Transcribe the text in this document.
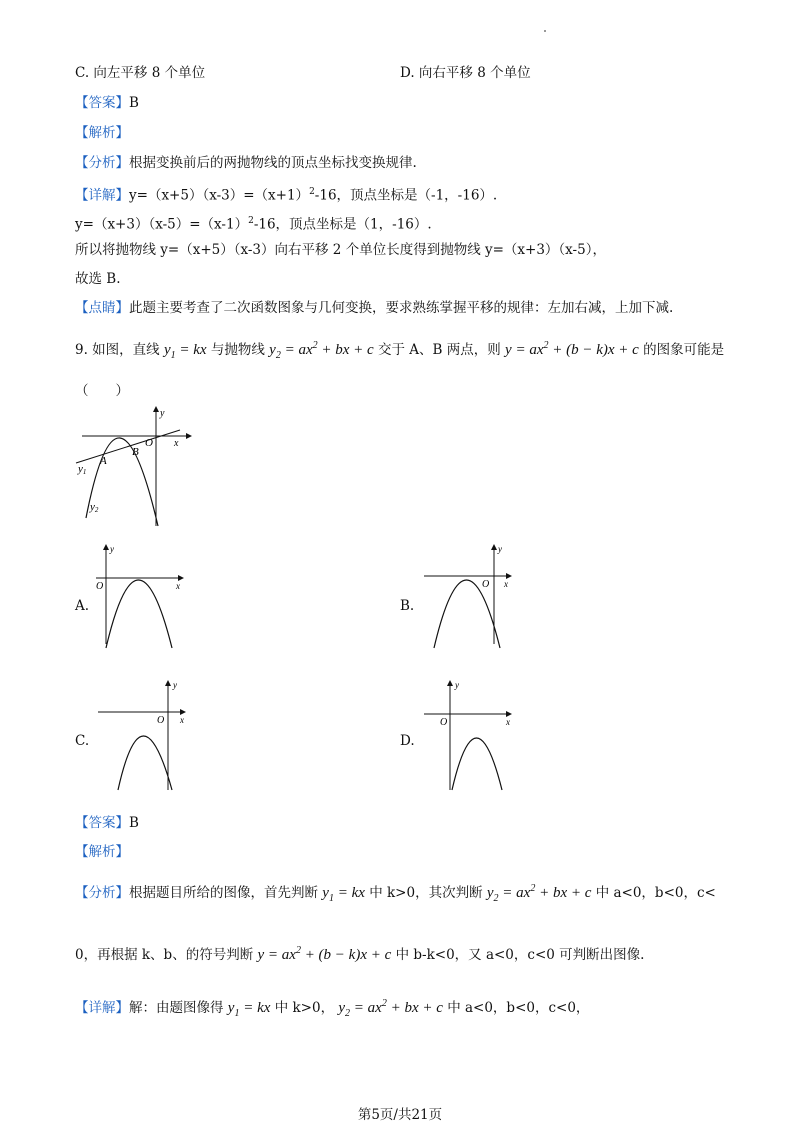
C. 向左平移 8 个单位	D. 向右平移 8 个单位
【答案】B
【解析】
【分析】根据变换前后的两抛物线的顶点坐标找变换规律.
【详解】$y=(x+5)(x-3)=(x+1)^2-16$，顶点坐标是（-1，-16）.
$y=(x+3)(x-5)=(x-1)^2-16$，顶点坐标是（1，-16）.
所以将抛物线 y=（x+5）（x-3）向右平移 2 个单位长度得到抛物线 y=（x+3）（x-5），
故选 B.
【点睛】此题主要考查了二次函数图象与几何变换，要求熟练掌握平移的规律：左加右减，上加下减.
9. 如图，直线 $y_1$ = kx 与抛物线 $y_2 = ax^2$ + bx + c 交于 A、B 两点，则 $y = ax^2 + (b - k)x + c$ 的图象可能是
（　　）
y1
A
B
O x
y
y2
O	x
y
A.
O x
y
B.
O x
y
C.
O	x
y
D.
【答案】B
【解析】
【分析】根据题目所给的图像，首先判断 $y_1$ = kx 中 k>0，其次判断 $y_2 = ax^2$ + bx + c 中 a<0，b<0，c<
0，再根据 k、b、的符号判断 $y = ax^2 + (b - k)x + c$ 中 b-k<0，又 a<0，c<0 可判断出图像.
【详解】解：由题图像得 $y_1$ = kx 中 k>0， $y_2 = ax^2$ + bx + c 中 a<0，b<0，c<0，
第5页/共21页
